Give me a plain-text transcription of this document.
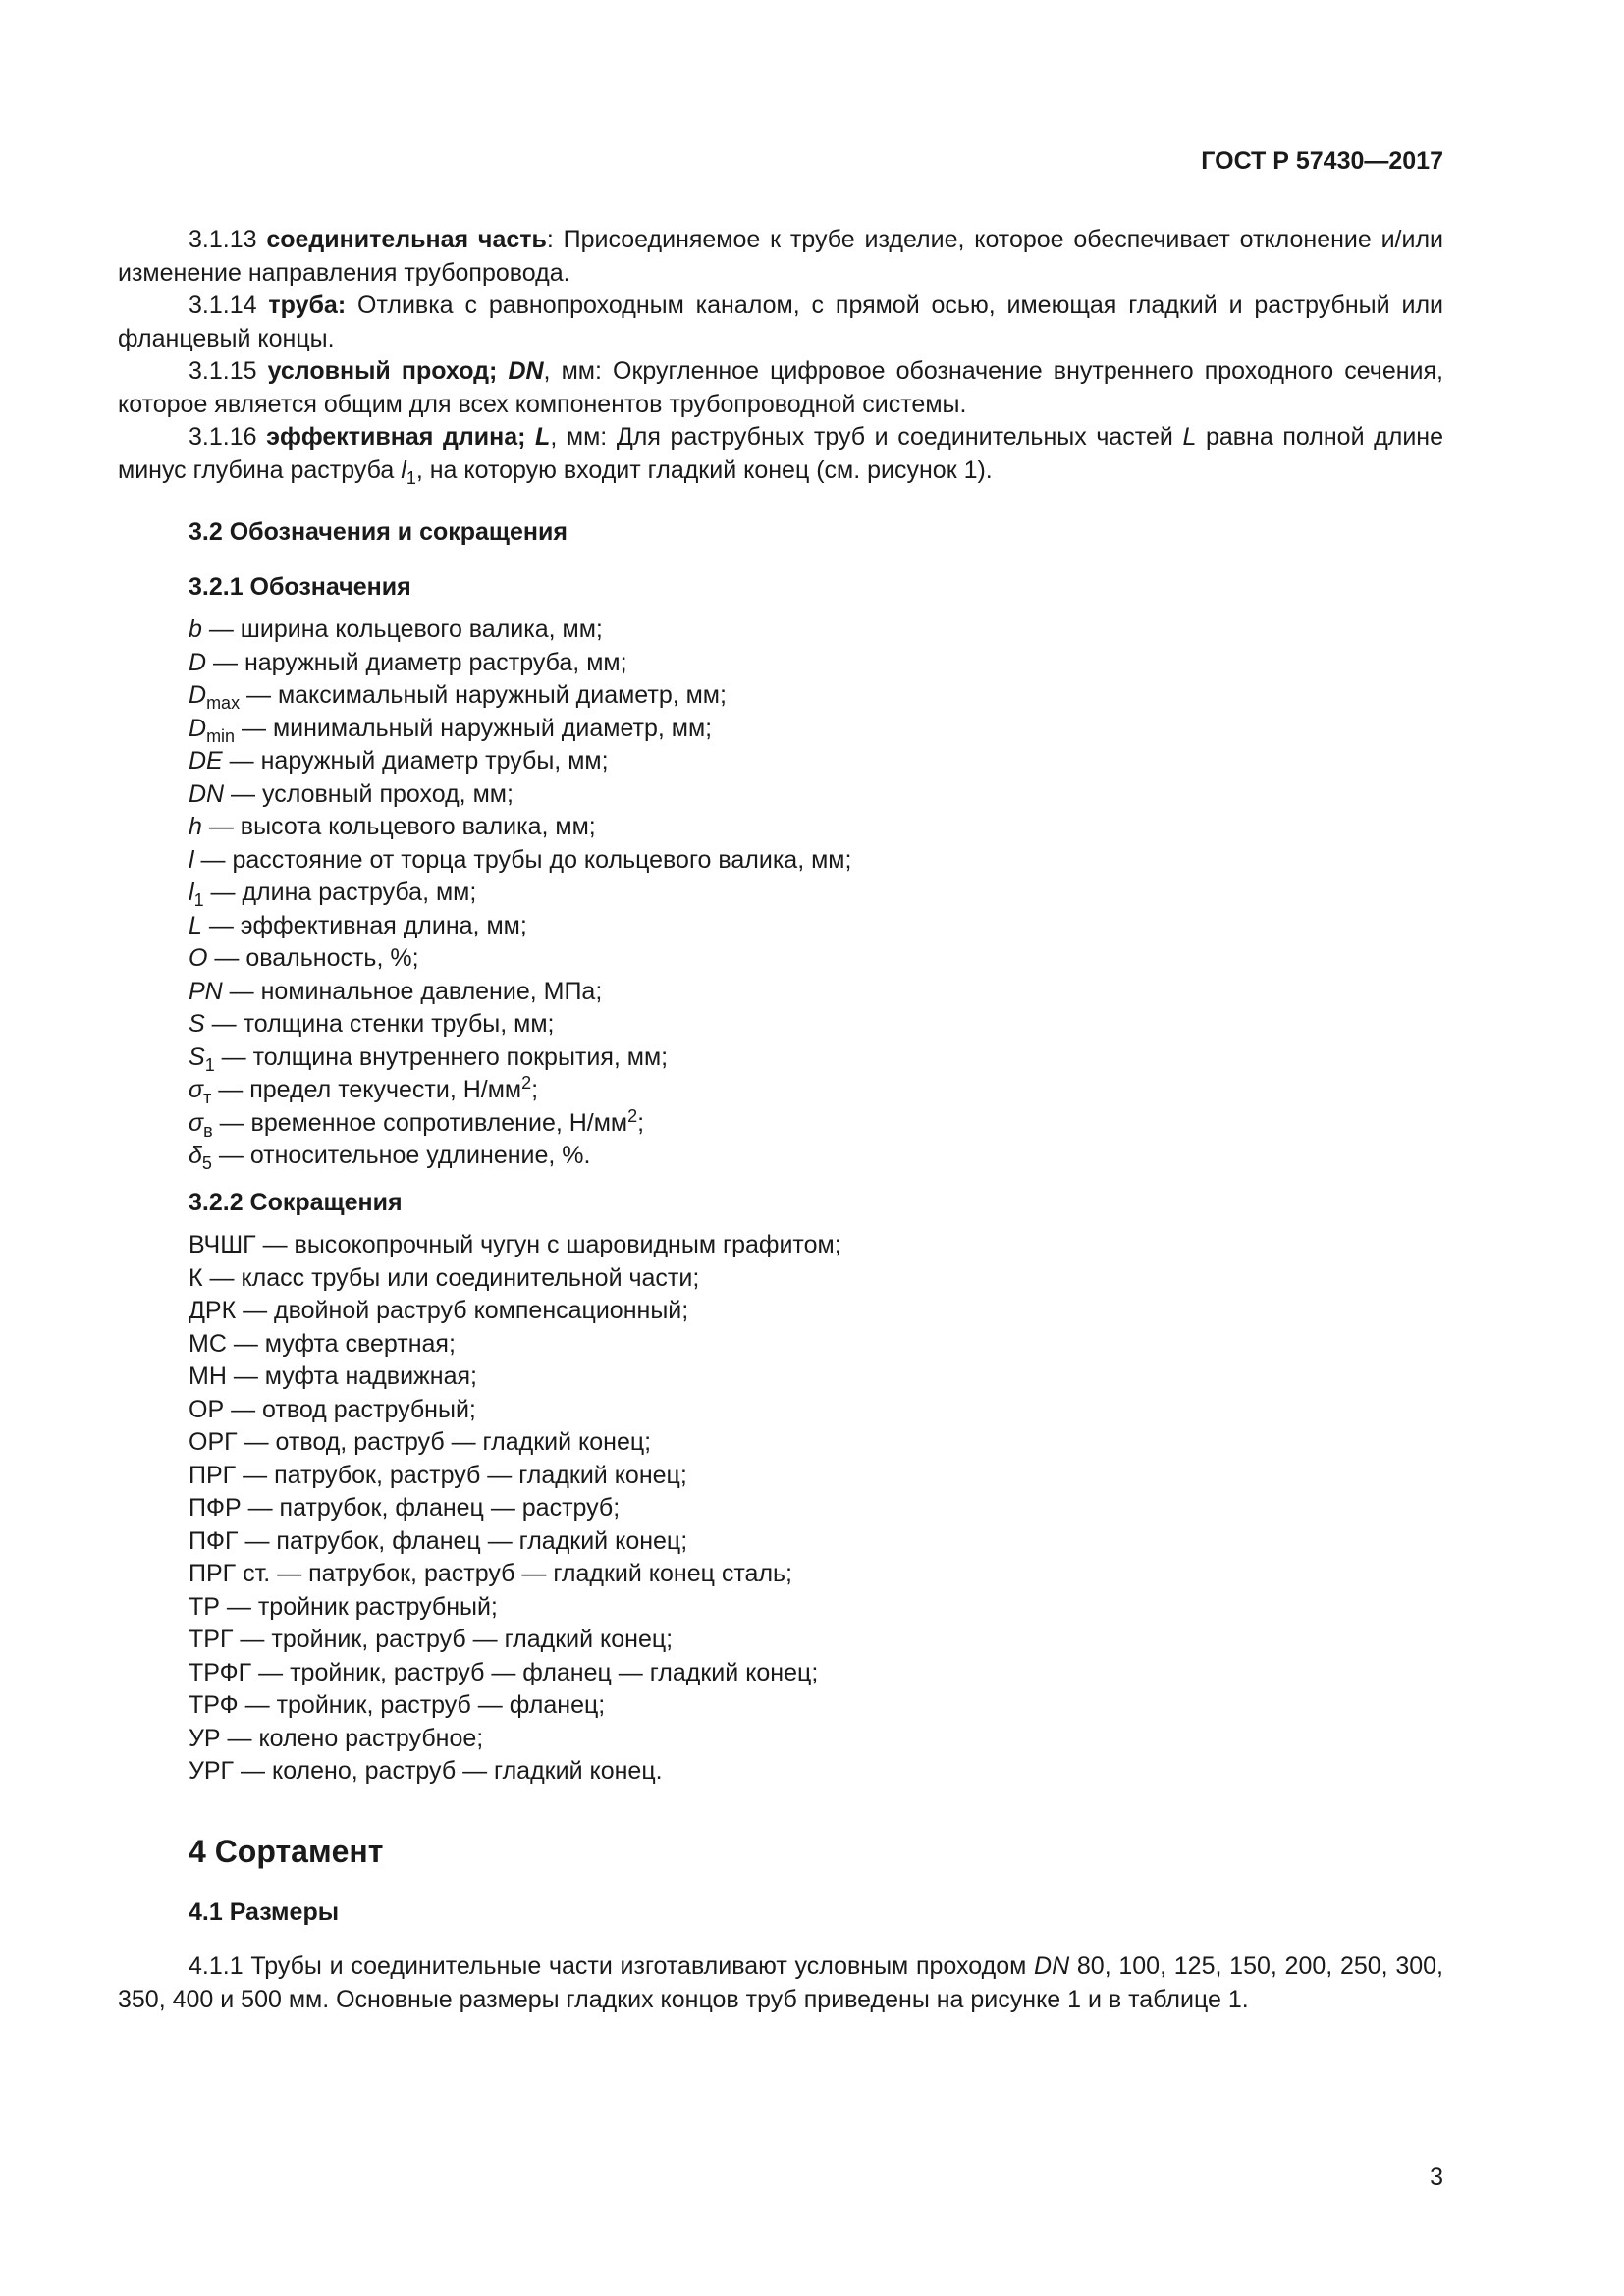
ГОСТ Р 57430—2017

3.1.13 соединительная часть: Присоединяемое к трубе изделие, которое обеспечивает отклонение и/или изменение направления трубопровода.

3.1.14 труба: Отливка с равнопроходным каналом, с прямой осью, имеющая гладкий и раструбный или фланцевый концы.

3.1.15 условный проход; DN, мм: Округленное цифровое обозначение внутреннего проходного сечения, которое является общим для всех компонентов трубопроводной системы.

3.1.16 эффективная длина; L, мм: Для раструбных труб и соединительных частей L равна полной длине минус глубина раструба $l_1$, на которую входит гладкий конец (см. рисунок 1).

3.2 Обозначения и сокращения

3.2.1 Обозначения

b — ширина кольцевого валика, мм;

D — наружный диаметр раструба, мм;

$D_{max}$ — максимальный наружный диаметр, мм;

$D_{min}$ — минимальный наружный диаметр, мм;

DE — наружный диаметр трубы, мм;

DN — условный проход, мм;

h — высота кольцевого валика, мм;

l — расстояние от торца трубы до кольцевого валика, мм;

$l_1$ — длина раструба, мм;

L — эффективная длина, мм;

O — овальность, %;

PN — номинальное давление, МПа;

S — толщина стенки трубы, мм;

$S_1$ — толщина внутреннего покрытия, мм;

$\sigma_т$ — предел текучести, $Н/мм^2$;

$\sigma_в$ — временное сопротивление, $Н/мм^2$;

$\delta_5$ — относительное удлинение, %.

3.2.2 Сокращения

ВЧШГ — высокопрочный чугун с шаровидным графитом;

К — класс трубы или соединительной части;

ДРК — двойной раструб компенсационный;

МС — муфта свертная;

МН — муфта надвижная;

ОР — отвод раструбный;

ОРГ — отвод, раструб — гладкий конец;

ПРГ — патрубок, раструб — гладкий конец;

ПФР — патрубок, фланец — раструб;

ПФГ — патрубок, фланец — гладкий конец;

ПРГ ст. — патрубок, раструб — гладкий конец сталь;

ТР — тройник раструбный;

ТРГ — тройник, раструб — гладкий конец;

ТРФГ — тройник, раструб — фланец — гладкий конец;

ТРФ — тройник, раструб — фланец;

УР — колено раструбное;

УРГ — колено, раструб — гладкий конец.

4 Сортамент

4.1 Размеры

4.1.1 Трубы и соединительные части изготавливают условным проходом DN 80, 100, 125, 150, 200, 250, 300, 350, 400 и 500 мм. Основные размеры гладких концов труб приведены на рисунке 1 и в таблице 1.

3
